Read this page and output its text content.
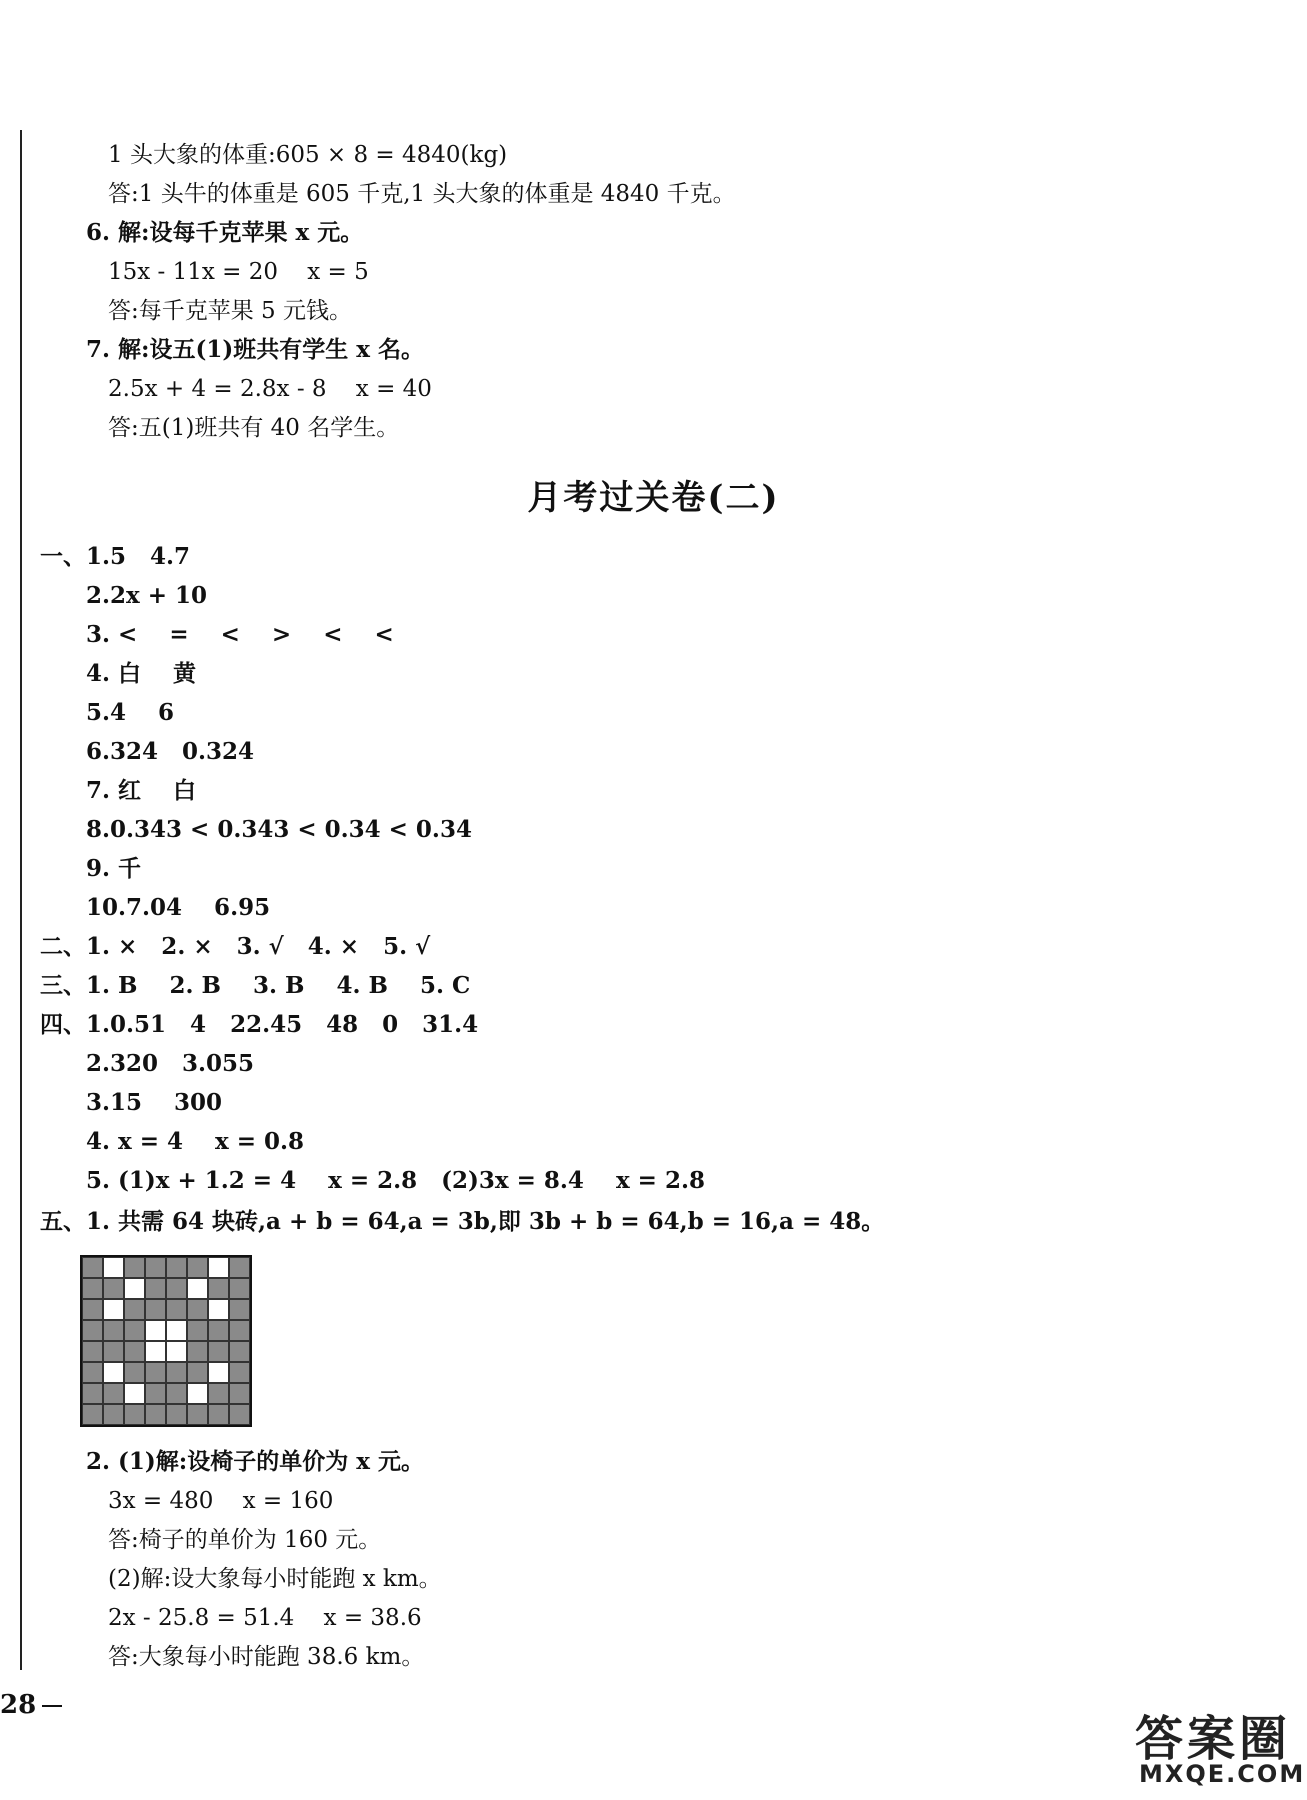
1 头大象的体重:605 × 8 = 4840(kg)
答:1 头牛的体重是 605 千克,1 头大象的体重是 4840 千克。
6. 解:设每千克苹果 x 元。
15x - 11x = 20    x = 5
答:每千克苹果 5 元钱。
7. 解:设五(1)班共有学生 x 名。
2.5x + 4 = 2.8x - 8    x = 40
答:五(1)班共有 40 名学生。
月考过关卷(二)
一、1.5   4.7
2.2x + 10
3. <    =    <    >    <    <
4. 白    黄
5.4    6
6.324   0.324
7. 红    白
8.0.343 < 0.343 < 0.34 < 0.34
9. 千
10.7.04    6.95
二、1. ×   2. ×   3. √   4. ×   5. √
三、1. B    2. B    3. B    4. B    5. C
四、1.0.51   4   22.45   48   0   31.4
2.320   3.055
3.15    300
4. x = 4    x = 0.8
5. (1)x + 1.2 = 4    x = 2.8   (2)3x = 8.4    x = 2.8
五、1. 共需 64 块砖,a + b = 64,a = 3b,即 3b + b = 64,b = 16,a = 48。
2. (1)解:设椅子的单价为 x 元。
3x = 480    x = 160
答:椅子的单价为 160 元。
(2)解:设大象每小时能跑 x km。
2x - 25.8 = 51.4    x = 38.6
答:大象每小时能跑 38.6 km。
28
答案圈
MXQE.COM
